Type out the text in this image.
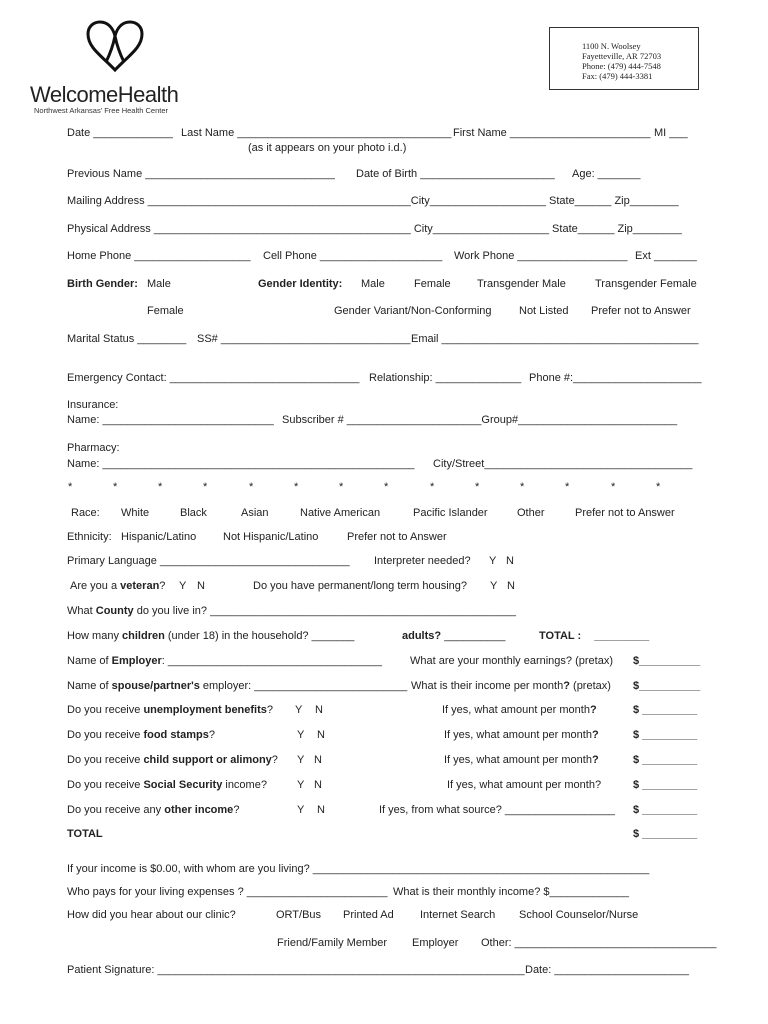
WelcomeHealth
Northwest Arkansas' Free Health Center
1100 N. Woolsey
Fayetteville, AR 72703
Phone: (479) 444-7548
Fax: (479) 444-3381
Date _____________ Last Name ___________________________________ First Name _______________________ MI ___
(as it appears on your photo i.d.)
Previous Name _______________________________ Date of Birth ______________________ Age: _______
Mailing Address ___________________________________________City___________________ State______ Zip________
Physical Address __________________________________________ City___________________ State______ Zip________
Home Phone ___________________ Cell Phone ____________________ Work Phone __________________ Ext _______
Birth Gender: Male	Gender Identity: Male	Female Transgender Male	Transgender Female
Female	Gender Variant/Non-Conforming Not Listed Prefer not to Answer
Marital Status ________ SS# _______________________________ Email __________________________________________
Emergency Contact: _______________________________ Relationship: ______________ Phone #:_____________________
Insurance:
Name: ____________________________ Subscriber # ______________________Group#__________________________
Pharmacy:
Name: ___________________________________________________ City/Street__________________________________
*	*	*	*	*	*	*	*	*	*	*	*	*	*
Race: White	Black	Asian	Native American	Pacific Islander	Other	Prefer not to Answer
Ethnicity: Hispanic/Latino Not Hispanic/Latino	Prefer not to Answer
Primary Language _______________________________ Interpreter needed? Y N
Are you a veteran? Y N	Do you have permanent/long term housing? Y N
What County do you live in? __________________________________________________
How many children (under 18) in the household? _______	adults? __________	TOTAL : _________
Name of Employer: ___________________________________	What are your monthly earnings? (pretax) $__________
Name of spouse/partner's employer: _________________________ What is their income per month? (pretax) $__________
Do you receive unemployment benefits? Y N	If yes, what amount per month?	$ _________
Do you receive food stamps?	Y N	If yes, what amount per month?	$ _________
Do you receive child support or alimony? Y N	If yes, what amount per month?	$ _________
Do you receive Social Security income?	Y N	If yes, what amount per month?	$ _________
Do you receive any other income?	Y N	If yes, from what source? __________________ $ _________
TOTAL	$ _________
If your income is $0.00, with whom are you living? _______________________________________________________
Who pays for your living expenses ? _______________________ What is their monthly income? $_____________
How did you hear about our clinic?	ORT/Bus Printed Ad Internet Search School Counselor/Nurse
Friend/Family Member Employer Other: _________________________________
Patient Signature: ____________________________________________________________ Date: ______________________
